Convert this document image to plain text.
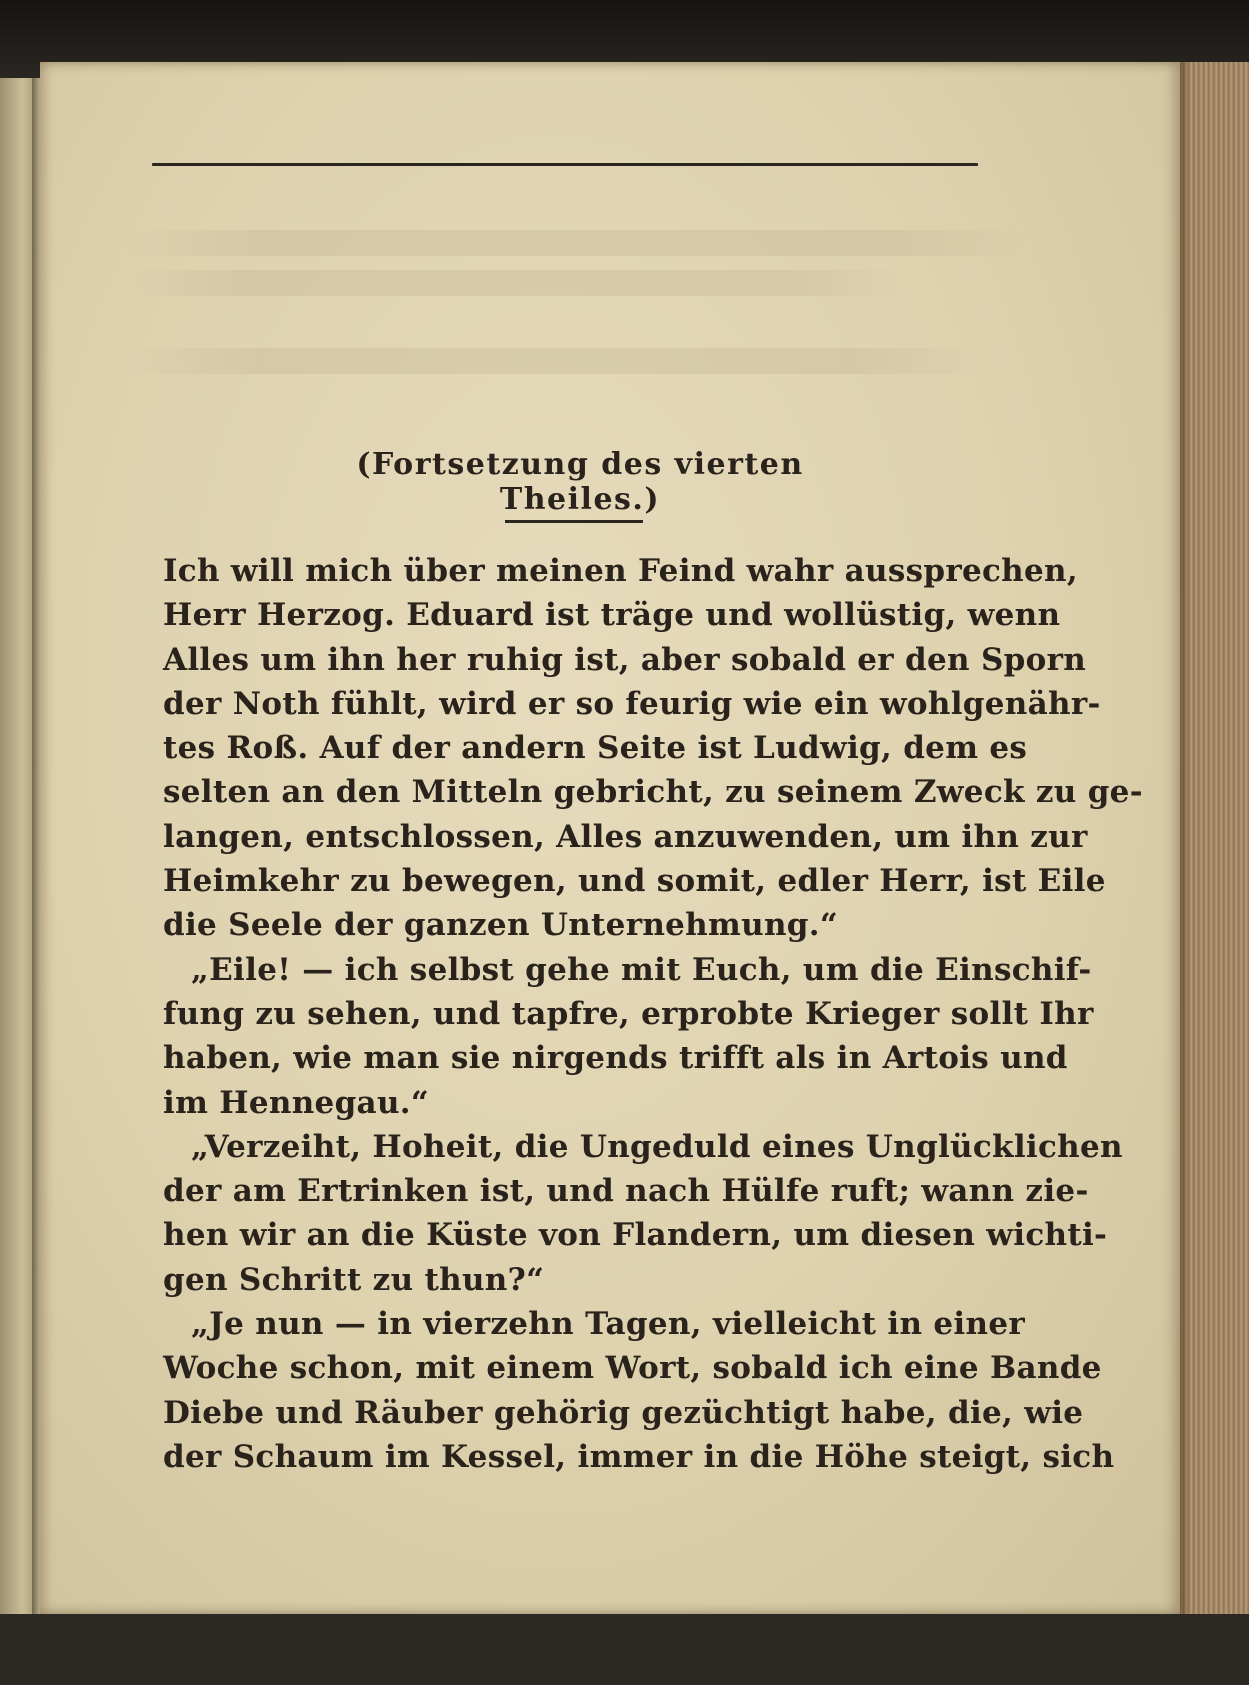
(Fortsetzung des vierten Theiles.)
Ich will mich über meinen Feind wahr aussprechen,
Herr Herzog. Eduard ist träge und wollüstig, wenn
Alles um ihn her ruhig ist, aber sobald er den Sporn
der Noth fühlt, wird er so feurig wie ein wohlgenähr-
tes Roß. Auf der andern Seite ist Ludwig, dem es
selten an den Mitteln gebricht, zu seinem Zweck zu ge-
langen, entschlossen, Alles anzuwenden, um ihn zur
Heimkehr zu bewegen, und somit, edler Herr, ist Eile
die Seele der ganzen Unternehmung.“
„Eile! — ich selbst gehe mit Euch, um die Einschif-
fung zu sehen, und tapfre, erprobte Krieger sollt Ihr
haben, wie man sie nirgends trifft als in Artois und
im Hennegau.“
„Verzeiht, Hoheit, die Ungeduld eines Unglücklichen
der am Ertrinken ist, und nach Hülfe ruft; wann zie-
hen wir an die Küste von Flandern, um diesen wichti-
gen Schritt zu thun?“
„Je nun — in vierzehn Tagen, vielleicht in einer
Woche schon, mit einem Wort, sobald ich eine Bande
Diebe und Räuber gehörig gezüchtigt habe, die, wie
der Schaum im Kessel, immer in die Höhe steigt, sich
